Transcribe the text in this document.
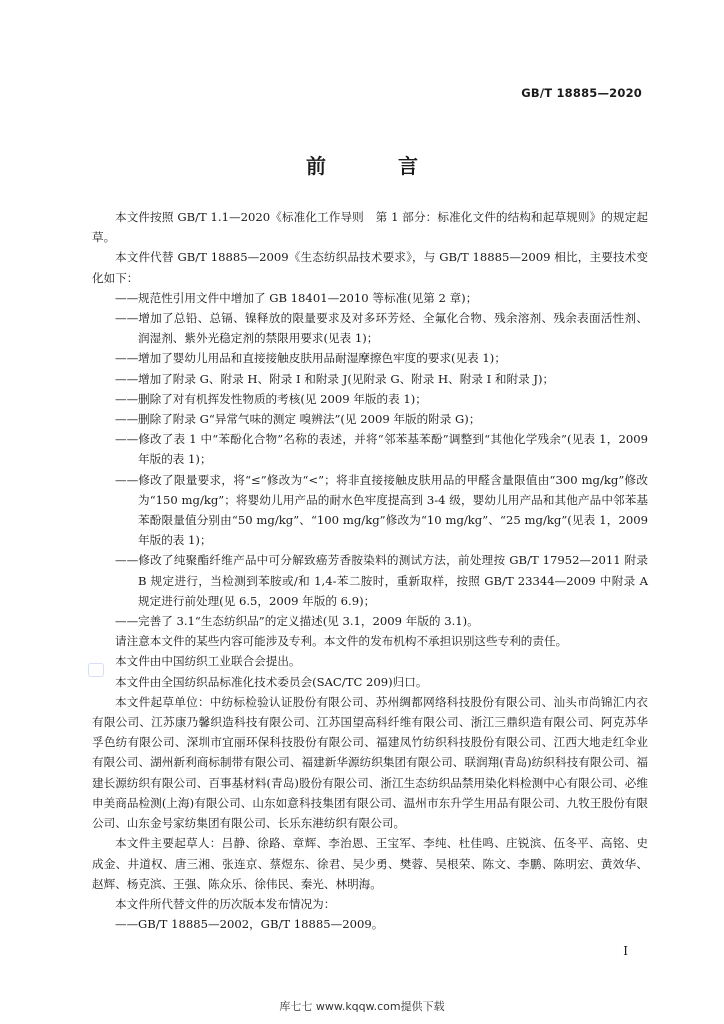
GB/T 18885—2020
前　言
本文件按照 GB/T 1.1—2020《标准化工作导则　第 1 部分：标准化文件的结构和起草规则》的规定起草。
本文件代替 GB/T 18885—2009《生态纺织品技术要求》，与 GB/T 18885—2009 相比，主要技术变化如下：
——规范性引用文件中增加了 GB 18401—2010 等标准(见第 2 章)；
——增加了总铅、总镉、镍释放的限量要求及对多环芳烃、全氟化合物、残余溶剂、残余表面活性剂、润湿剂、紫外光稳定剂的禁限用要求(见表 1)；
——增加了婴幼儿用品和直接接触皮肤用品耐湿摩擦色牢度的要求(见表 1)；
——增加了附录 G、附录 H、附录 I 和附录 J(见附录 G、附录 H、附录 I 和附录 J)；
——删除了对有机挥发性物质的考核(见 2009 年版的表 1)；
——删除了附录 G“异常气味的测定 嗅辨法”(见 2009 年版的附录 G)；
——修改了表 1 中“苯酚化合物”名称的表述，并将“邻苯基苯酚”调整到“其他化学残余”(见表 1，2009 年版的表 1)；
——修改了限量要求，将“≤”修改为“<”；将非直接接触皮肤用品的甲醛含量限值由“300 mg/kg”修改为“150 mg/kg”；将婴幼儿用产品的耐水色牢度提高到 3-4 级，婴幼儿用产品和其他产品中邻苯基苯酚限量值分别由“50 mg/kg”、“100 mg/kg”修改为“10 mg/kg”、“25 mg/kg”(见表 1，2009 年版的表 1)；
——修改了纯聚酯纤维产品中可分解致癌芳香胺染料的测试方法，前处理按 GB/T 17952—2011 附录 B 规定进行，当检测到苯胺或/和 1,4-苯二胺时，重新取样，按照 GB/T 23344—2009 中附录 A 规定进行前处理(见 6.5，2009 年版的 6.9)；
——完善了 3.1“生态纺织品”的定义描述(见 3.1，2009 年版的 3.1)。
请注意本文件的某些内容可能涉及专利。本文件的发布机构不承担识别这些专利的责任。
本文件由中国纺织工业联合会提出。
本文件由全国纺织品标准化技术委员会(SAC/TC 209)归口。
本文件起草单位：中纺标检验认证股份有限公司、苏州绸都网络科技股份有限公司、汕头市尚锦汇内衣有限公司、江苏康乃馨织造科技有限公司、江苏国望高科纤维有限公司、浙江三鼎织造有限公司、阿克苏华孚色纺有限公司、深圳市宜丽环保科技股份有限公司、福建凤竹纺织科技股份有限公司、江西大地走红伞业有限公司、湖州新利商标制带有限公司、福建新华源纺织集团有限公司、联润翔(青岛)纺织科技有限公司、福建长源纺织有限公司、百事基材料(青岛)股份有限公司、浙江生态纺织品禁用染化料检测中心有限公司、必维申美商品检测(上海)有限公司、山东如意科技集团有限公司、温州市东升学生用品有限公司、九牧王股份有限公司、山东金号家纺集团有限公司、长乐东港纺织有限公司。
本文件主要起草人：吕静、徐路、章辉、李治恩、王宝军、李纯、杜佳鸣、庄锐滨、伍冬平、高铭、史成金、井道权、唐三湘、张连京、蔡煜东、徐君、吴少勇、樊蓉、吴根荣、陈文、李鹏、陈明宏、黄效华、赵辉、杨克滨、王强、陈众乐、徐伟民、秦光、林明海。
本文件所代替文件的历次版本发布情况为：
——GB/T 18885—2002，GB/T 18885—2009。
I
库七七 www.kqqw.com提供下载
